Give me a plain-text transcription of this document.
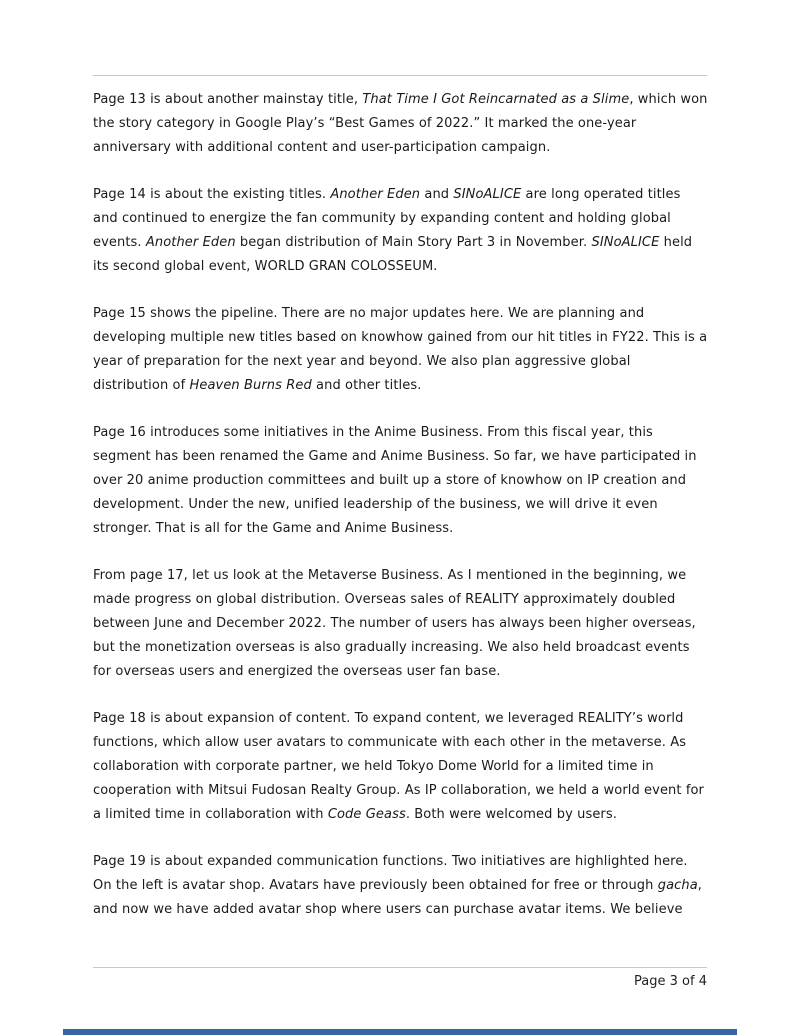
Page 13 is about another mainstay title, That Time I Got Reincarnated as a Slime, which won the story category in Google Play’s “Best Games of 2022.” It marked the one-year anniversary with additional content and user-participation campaign.

Page 14 is about the existing titles. Another Eden and SINoALICE are long operated titles and continued to energize the fan community by expanding content and holding global events. Another Eden began distribution of Main Story Part 3 in November. SINoALICE held its second global event, WORLD GRAN COLOSSEUM.

Page 15 shows the pipeline. There are no major updates here. We are planning and developing multiple new titles based on knowhow gained from our hit titles in FY22. This is a year of preparation for the next year and beyond. We also plan aggressive global distribution of Heaven Burns Red and other titles.

Page 16 introduces some initiatives in the Anime Business. From this fiscal year, this segment has been renamed the Game and Anime Business. So far, we have participated in over 20 anime production committees and built up a store of knowhow on IP creation and development. Under the new, unified leadership of the business, we will drive it even stronger. That is all for the Game and Anime Business.

From page 17, let us look at the Metaverse Business. As I mentioned in the beginning, we made progress on global distribution. Overseas sales of REALITY approximately doubled between June and December 2022. The number of users has always been higher overseas, but the monetization overseas is also gradually increasing. We also held broadcast events for overseas users and energized the overseas user fan base.

Page 18 is about expansion of content. To expand content, we leveraged REALITY’s world functions, which allow user avatars to communicate with each other in the metaverse. As collaboration with corporate partner, we held Tokyo Dome World for a limited time in cooperation with Mitsui Fudosan Realty Group. As IP collaboration, we held a world event for a limited time in collaboration with Code Geass. Both were welcomed by users.

Page 19 is about expanded communication functions. Two initiatives are highlighted here. On the left is avatar shop. Avatars have previously been obtained for free or through gacha, and now we have added avatar shop where users can purchase avatar items. We believe

Page 3 of 4
